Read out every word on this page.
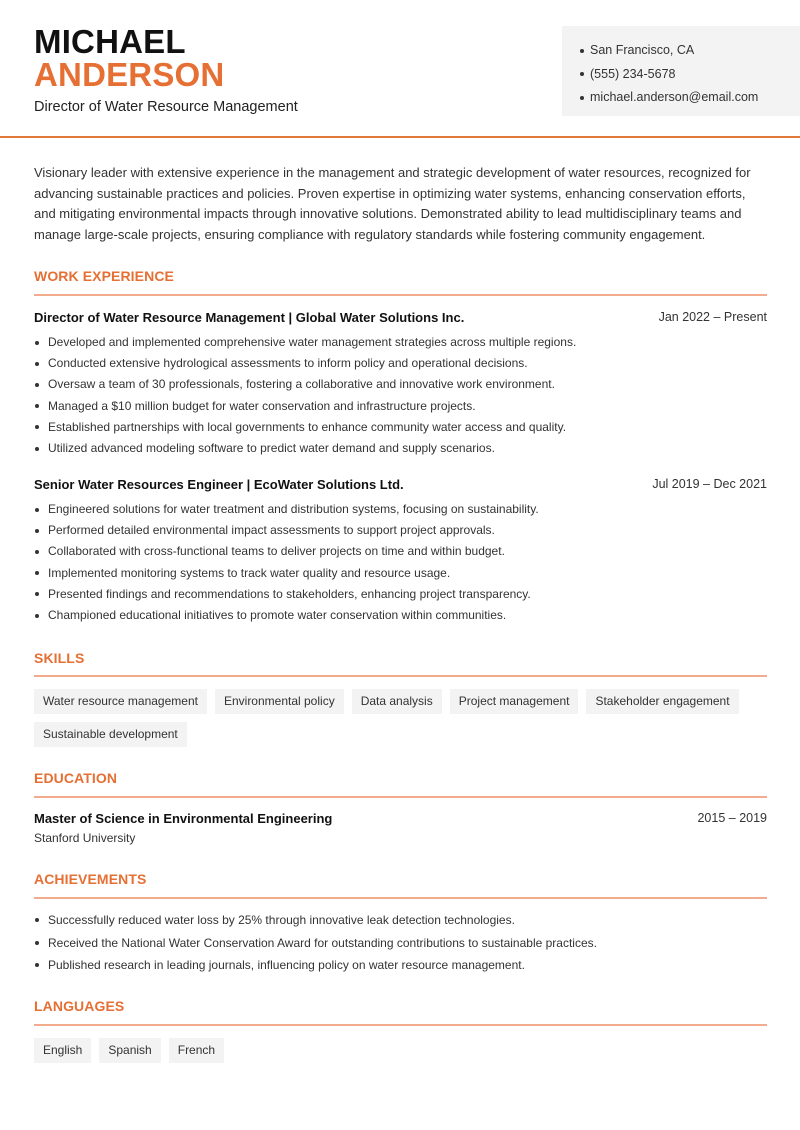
MICHAEL
ANDERSON
Director of Water Resource Management
San Francisco, CA
(555) 234-5678
michael.anderson@email.com

Visionary leader with extensive experience in the management and strategic development of water resources, recognized for advancing sustainable practices and policies. Proven expertise in optimizing water systems, enhancing conservation efforts, and mitigating environmental impacts through innovative solutions. Demonstrated ability to lead multidisciplinary teams and manage large-scale projects, ensuring compliance with regulatory standards while fostering community engagement.

WORK EXPERIENCE
Director of Water Resource Management | Global Water Solutions Inc.	Jan 2022 – Present
Developed and implemented comprehensive water management strategies across multiple regions.
Conducted extensive hydrological assessments to inform policy and operational decisions.
Oversaw a team of 30 professionals, fostering a collaborative and innovative work environment.
Managed a $10 million budget for water conservation and infrastructure projects.
Established partnerships with local governments to enhance community water access and quality.
Utilized advanced modeling software to predict water demand and supply scenarios.
Senior Water Resources Engineer | EcoWater Solutions Ltd.	Jul 2019 – Dec 2021
Engineered solutions for water treatment and distribution systems, focusing on sustainability.
Performed detailed environmental impact assessments to support project approvals.
Collaborated with cross-functional teams to deliver projects on time and within budget.
Implemented monitoring systems to track water quality and resource usage.
Presented findings and recommendations to stakeholders, enhancing project transparency.
Championed educational initiatives to promote water conservation within communities.
SKILLS
Water resource management	Environmental policy	Data analysis	Project management	Stakeholder engagement
Sustainable development
EDUCATION
Master of Science in Environmental Engineering	2015 – 2019
Stanford University
ACHIEVEMENTS
Successfully reduced water loss by 25% through innovative leak detection technologies.
Received the National Water Conservation Award for outstanding contributions to sustainable practices.
Published research in leading journals, influencing policy on water resource management.
LANGUAGES
English	Spanish	French
